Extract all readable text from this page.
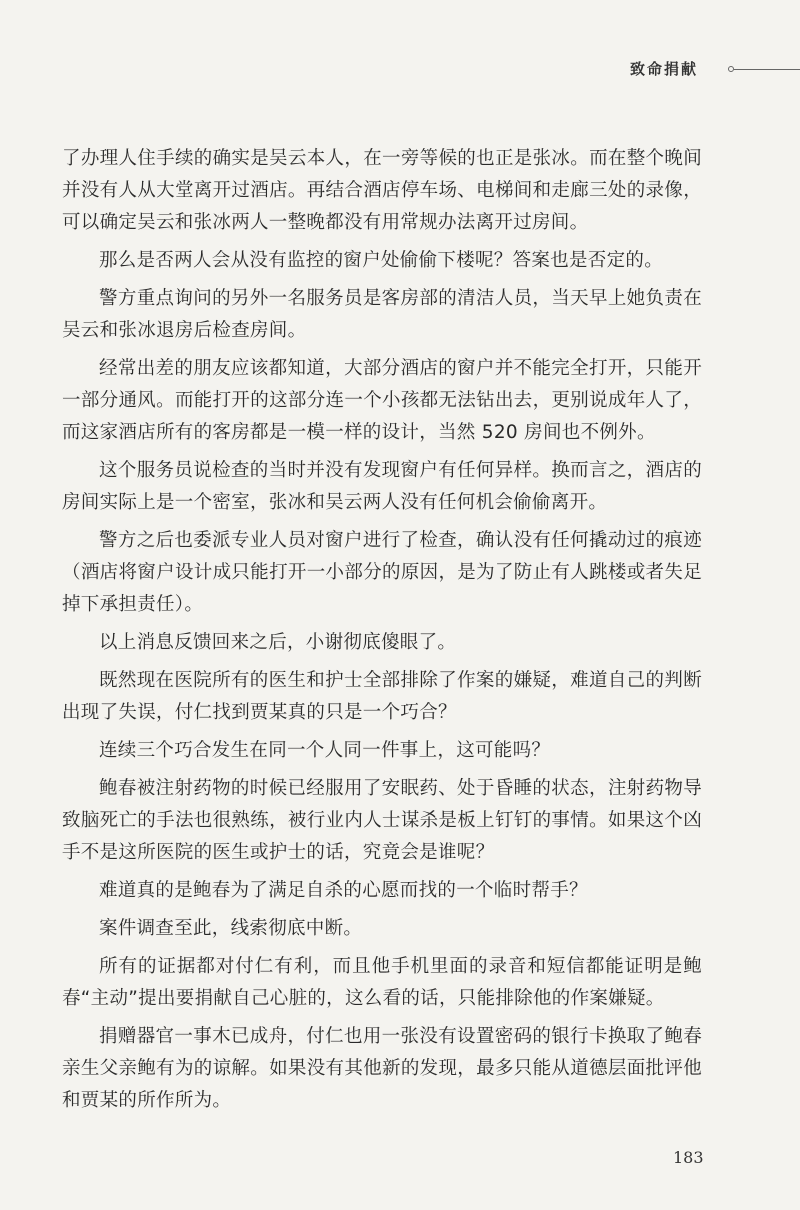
致命捐献

了办理人住手续的确实是吴云本人，在一旁等候的也正是张冰。而在整个晚间并没有人从大堂离开过酒店。再结合酒店停车场、电梯间和走廊三处的录像，可以确定吴云和张冰两人一整晚都没有用常规办法离开过房间。

那么是否两人会从没有监控的窗户处偷偷下楼呢？答案也是否定的。

警方重点询问的另外一名服务员是客房部的清洁人员，当天早上她负责在吴云和张冰退房后检查房间。

经常出差的朋友应该都知道，大部分酒店的窗户并不能完全打开，只能开一部分通风。而能打开的这部分连一个小孩都无法钻出去，更别说成年人了，而这家酒店所有的客房都是一模一样的设计，当然 520 房间也不例外。

这个服务员说检查的当时并没有发现窗户有任何异样。换而言之，酒店的房间实际上是一个密室，张冰和吴云两人没有任何机会偷偷离开。

警方之后也委派专业人员对窗户进行了检查，确认没有任何撬动过的痕迹（酒店将窗户设计成只能打开一小部分的原因，是为了防止有人跳楼或者失足掉下承担责任）。

以上消息反馈回来之后，小谢彻底傻眼了。

既然现在医院所有的医生和护士全部排除了作案的嫌疑，难道自己的判断出现了失误，付仁找到贾某真的只是一个巧合？

连续三个巧合发生在同一个人同一件事上，这可能吗？

鲍春被注射药物的时候已经服用了安眠药、处于昏睡的状态，注射药物导致脑死亡的手法也很熟练，被行业内人士谋杀是板上钉钉的事情。如果这个凶手不是这所医院的医生或护士的话，究竟会是谁呢？

难道真的是鲍春为了满足自杀的心愿而找的一个临时帮手？

案件调查至此，线索彻底中断。

所有的证据都对付仁有利，而且他手机里面的录音和短信都能证明是鲍春“主动”提出要捐献自己心脏的，这么看的话，只能排除他的作案嫌疑。

捐赠器官一事木已成舟，付仁也用一张没有设置密码的银行卡换取了鲍春亲生父亲鲍有为的谅解。如果没有其他新的发现，最多只能从道德层面批评他和贾某的所作所为。

183
